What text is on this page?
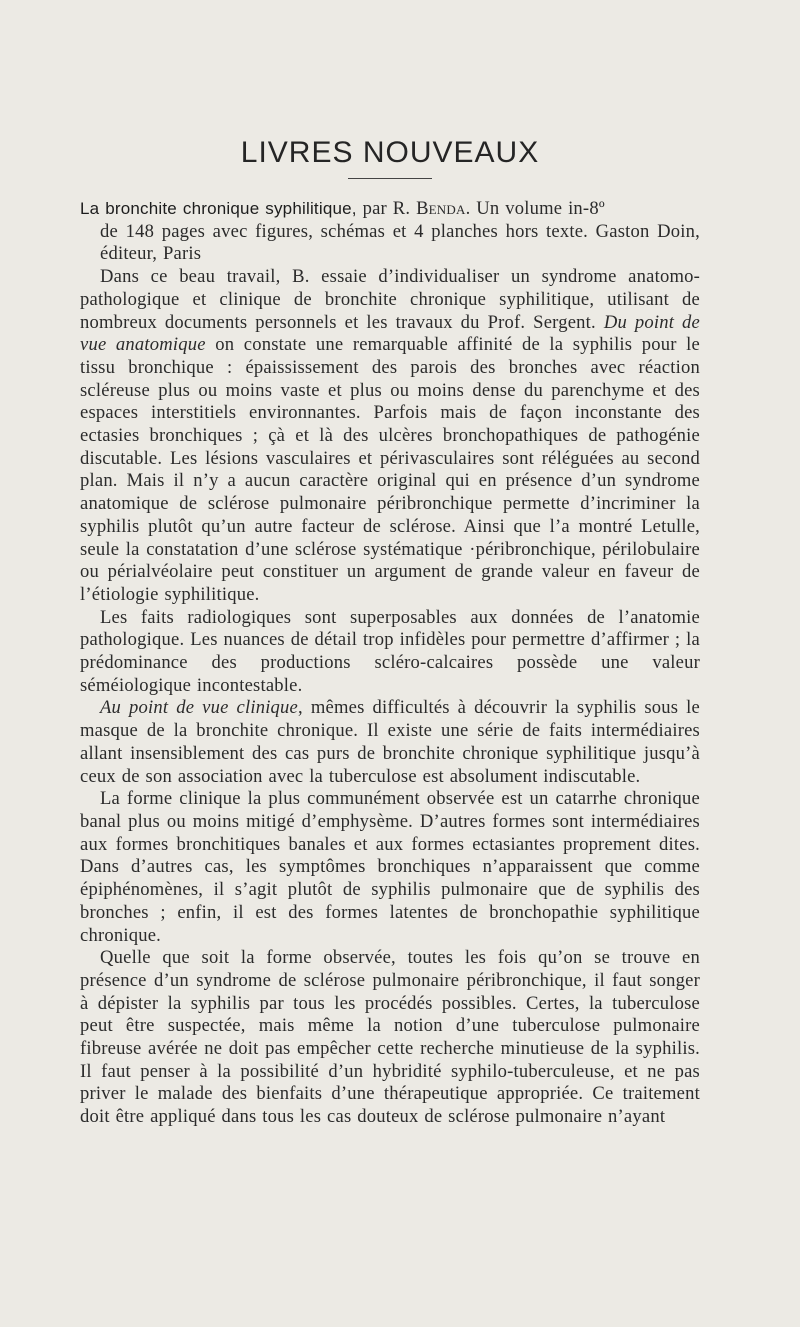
LIVRES NOUVEAUX

La bronchite chronique syphilitique, par R. Benda. Un volume in-8º
de 148 pages avec figures, schémas et 4 planches hors texte. Gaston Doin, éditeur, Paris

Dans ce beau travail, B. essaie d’individualiser un syndrome anatomo-pathologique et clinique de bronchite chronique syphilitique, utilisant de nombreux documents personnels et les travaux du Prof. Sergent. Du point de vue anatomique on constate une remarquable affinité de la syphilis pour le tissu bronchique : épaississement des parois des bronches avec réaction scléreuse plus ou moins vaste et plus ou moins dense du parenchyme et des espaces interstitiels environnantes. Parfois mais de façon inconstante des ectasies bronchiques ; çà et là des ulcères bronchopathiques de pathogénie discutable. Les lésions vasculaires et périvasculaires sont réléguées au second plan. Mais il n’y a aucun caractère original qui en présence d’un syndrome anatomique de sclérose pulmonaire péribronchique permette d’incriminer la syphilis plutôt qu’un autre facteur de sclérose. Ainsi que l’a montré Letulle, seule la constatation d’une sclérose systématique ·péribronchique, périlobulaire ou périalvéolaire peut constituer un argument de grande valeur en faveur de l’étiologie syphilitique.

Les faits radiologiques sont superposables aux données de l’anatomie pathologique. Les nuances de détail trop infidèles pour permettre d’affirmer ; la prédominance des productions scléro-calcaires possède une valeur séméiologique incontestable.

Au point de vue clinique, mêmes difficultés à découvrir la syphilis sous le masque de la bronchite chronique. Il existe une série de faits intermédiaires allant insensiblement des cas purs de bronchite chronique syphilitique jusqu’à ceux de son association avec la tuberculose est absolument indiscutable.

La forme clinique la plus communément observée est un catarrhe chronique banal plus ou moins mitigé d’emphysème. D’autres formes sont intermédiaires aux formes bronchitiques banales et aux formes ectasiantes proprement dites. Dans d’autres cas, les symptômes bronchiques n’apparaissent que comme épiphénomènes, il s’agit plutôt de syphilis pulmonaire que de syphilis des bronches ; enfin, il est des formes latentes de bronchopathie syphilitique chronique.

Quelle que soit la forme observée, toutes les fois qu’on se trouve en présence d’un syndrome de sclérose pulmonaire péribronchique, il faut songer à dépister la syphilis par tous les procédés possibles. Certes, la tuberculose peut être suspectée, mais même la notion d’une tuberculose pulmonaire fibreuse avérée ne doit pas empêcher cette recherche minutieuse de la syphilis. Il faut penser à la possibilité d’un hybridité syphilo-tuberculeuse, et ne pas priver le malade des bienfaits d’une thérapeutique appropriée. Ce traitement doit être appliqué dans tous les cas douteux de sclérose pulmonaire n’ayant
